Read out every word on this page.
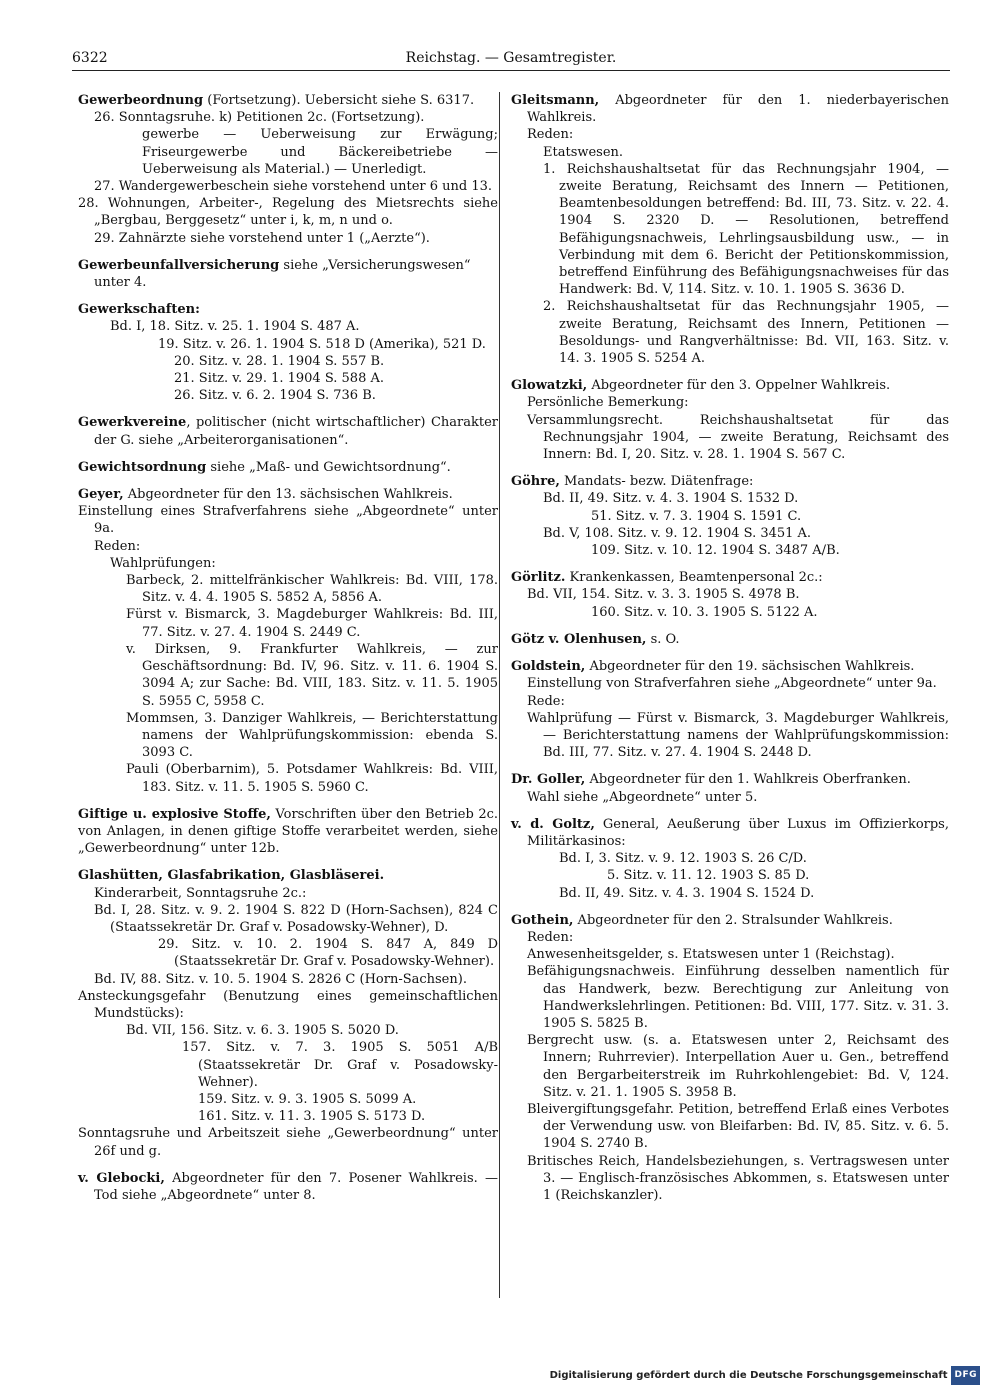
6322	Reichstag. — Gesamtregister.

Gewerbeordnung (Fortsetzung). Uebersicht siehe S. 6317.

26. Sonntagsruhe. k) Petitionen 2c. (Fortsetzung).

gewerbe — Ueberweisung zur Erwägung; Friseurgewerbe und Bäckereibetriebe — Ueberweisung als Material.) — Unerledigt.

27. Wandergewerbeschein siehe vorstehend unter 6 und 13.

28. Wohnungen, Arbeiter-, Regelung des Mietsrechts siehe „Bergbau, Berggesetz“ unter i, k, m, n und o.

29. Zahnärzte siehe vorstehend unter 1 („Aerzte“).

Gewerbeunfallversicherung siehe „Versicherungswesen“ unter 4.

Gewerkschaften:

Bd. I, 18. Sitz. v. 25. 1. 1904 S. 487 A.

19. Sitz. v. 26. 1. 1904 S. 518 D (Amerika), 521 D.

20. Sitz. v. 28. 1. 1904 S. 557 B.

21. Sitz. v. 29. 1. 1904 S. 588 A.

26. Sitz. v. 6. 2. 1904 S. 736 B.

Gewerkvereine, politischer (nicht wirtschaftlicher) Charakter der G. siehe „Arbeiterorganisationen“.

Gewichtsordnung siehe „Maß- und Gewichtsordnung“.

Geyer, Abgeordneter für den 13. sächsischen Wahlkreis.

Einstellung eines Strafverfahrens siehe „Abgeordnete“ unter 9a.

Reden:

Wahlprüfungen:

Barbeck, 2. mittelfränkischer Wahlkreis: Bd. VIII, 178. Sitz. v. 4. 4. 1905 S. 5852 A, 5856 A.

Fürst v. Bismarck, 3. Magdeburger Wahlkreis: Bd. III, 77. Sitz. v. 27. 4. 1904 S. 2449 C.

v. Dirksen, 9. Frankfurter Wahlkreis, — zur Geschäftsordnung: Bd. IV, 96. Sitz. v. 11. 6. 1904 S. 3094 A; zur Sache: Bd. VIII, 183. Sitz. v. 11. 5. 1905 S. 5955 C, 5958 C.

Mommsen, 3. Danziger Wahlkreis, — Berichterstattung namens der Wahlprüfungskommission: ebenda S. 3093 C.

Pauli (Oberbarnim), 5. Potsdamer Wahlkreis: Bd. VIII, 183. Sitz. v. 11. 5. 1905 S. 5960 C.

Giftige u. explosive Stoffe, Vorschriften über den Betrieb 2c. von Anlagen, in denen giftige Stoffe verarbeitet werden, siehe „Gewerbeordnung“ unter 12b.

Glashütten, Glasfabrikation, Glasbläserei.

Kinderarbeit, Sonntagsruhe 2c.:

Bd. I, 28. Sitz. v. 9. 2. 1904 S. 822 D (Horn-Sachsen), 824 C (Staatssekretär Dr. Graf v. Posadowsky-Wehner), D.

29. Sitz. v. 10. 2. 1904 S. 847 A, 849 D (Staatssekretär Dr. Graf v. Posadowsky-Wehner).

Bd. IV, 88. Sitz. v. 10. 5. 1904 S. 2826 C (Horn-Sachsen).

Ansteckungsgefahr (Benutzung eines gemeinschaftlichen Mundstücks):

Bd. VII, 156. Sitz. v. 6. 3. 1905 S. 5020 D.

157. Sitz. v. 7. 3. 1905 S. 5051 A/B (Staatssekretär Dr. Graf v. Posadowsky-Wehner).

159. Sitz. v. 9. 3. 1905 S. 5099 A.

161. Sitz. v. 11. 3. 1905 S. 5173 D.

Sonntagsruhe und Arbeitszeit siehe „Gewerbeordnung“ unter 26f und g.

v. Glebocki, Abgeordneter für den 7. Posener Wahlkreis. — Tod siehe „Abgeordnete“ unter 8.

Gleitsmann, Abgeordneter für den 1. niederbayerischen Wahlkreis.

Reden:

Etatswesen.

1. Reichshaushaltsetat für das Rechnungsjahr 1904, — zweite Beratung, Reichsamt des Innern — Petitionen, Beamtenbesoldungen betreffend: Bd. III, 73. Sitz. v. 22. 4. 1904 S. 2320 D. — Resolutionen, betreffend Befähigungsnachweis, Lehrlingsausbildung usw., — in Verbindung mit dem 6. Bericht der Petitionskommission, betreffend Einführung des Befähigungsnachweises für das Handwerk: Bd. V, 114. Sitz. v. 10. 1. 1905 S. 3636 D.

2. Reichshaushaltsetat für das Rechnungsjahr 1905, — zweite Beratung, Reichsamt des Innern, Petitionen — Besoldungs- und Rangverhältnisse: Bd. VII, 163. Sitz. v. 14. 3. 1905 S. 5254 A.

Glowatzki, Abgeordneter für den 3. Oppelner Wahlkreis.

Persönliche Bemerkung:

Versammlungsrecht. Reichshaushaltsetat für das Rechnungsjahr 1904, — zweite Beratung, Reichsamt des Innern: Bd. I, 20. Sitz. v. 28. 1. 1904 S. 567 C.

Göhre, Mandats- bezw. Diätenfrage:

Bd. II, 49. Sitz. v. 4. 3. 1904 S. 1532 D.

51. Sitz. v. 7. 3. 1904 S. 1591 C.

Bd. V, 108. Sitz. v. 9. 12. 1904 S. 3451 A.

109. Sitz. v. 10. 12. 1904 S. 3487 A/B.

Görlitz. Krankenkassen, Beamtenpersonal 2c.:

Bd. VII, 154. Sitz. v. 3. 3. 1905 S. 4978 B.

160. Sitz. v. 10. 3. 1905 S. 5122 A.

Götz v. Olenhusen, s. O.

Goldstein, Abgeordneter für den 19. sächsischen Wahlkreis.

Einstellung von Strafverfahren siehe „Abgeordnete“ unter 9a.

Rede:

Wahlprüfung — Fürst v. Bismarck, 3. Magdeburger Wahlkreis, — Berichterstattung namens der Wahlprüfungskommission: Bd. III, 77. Sitz. v. 27. 4. 1904 S. 2448 D.

Dr. Goller, Abgeordneter für den 1. Wahlkreis Oberfranken.

Wahl siehe „Abgeordnete“ unter 5.

v. d. Goltz, General, Aeußerung über Luxus im Offizierkorps, Militärkasinos:

Bd. I, 3. Sitz. v. 9. 12. 1903 S. 26 C/D.

5. Sitz. v. 11. 12. 1903 S. 85 D.

Bd. II, 49. Sitz. v. 4. 3. 1904 S. 1524 D.

Gothein, Abgeordneter für den 2. Stralsunder Wahlkreis.

Reden:

Anwesenheitsgelder, s. Etatswesen unter 1 (Reichstag).

Befähigungsnachweis. Einführung desselben namentlich für das Handwerk, bezw. Berechtigung zur Anleitung von Handwerkslehrlingen. Petitionen: Bd. VIII, 177. Sitz. v. 31. 3. 1905 S. 5825 B.

Bergrecht usw. (s. a. Etatswesen unter 2, Reichsamt des Innern; Ruhrrevier). Interpellation Auer u. Gen., betreffend den Bergarbeiterstreik im Ruhrkohlengebiet: Bd. V, 124. Sitz. v. 21. 1. 1905 S. 3958 B.

Bleivergiftungsgefahr. Petition, betreffend Erlaß eines Verbotes der Verwendung usw. von Bleifarben: Bd. IV, 85. Sitz. v. 6. 5. 1904 S. 2740 B.

Britisches Reich, Handelsbeziehungen, s. Vertragswesen unter 3. — Englisch-französisches Abkommen, s. Etatswesen unter 1 (Reichskanzler).

Digitalisierung gefördert durch die Deutsche Forschungsgemeinschaft DFG
